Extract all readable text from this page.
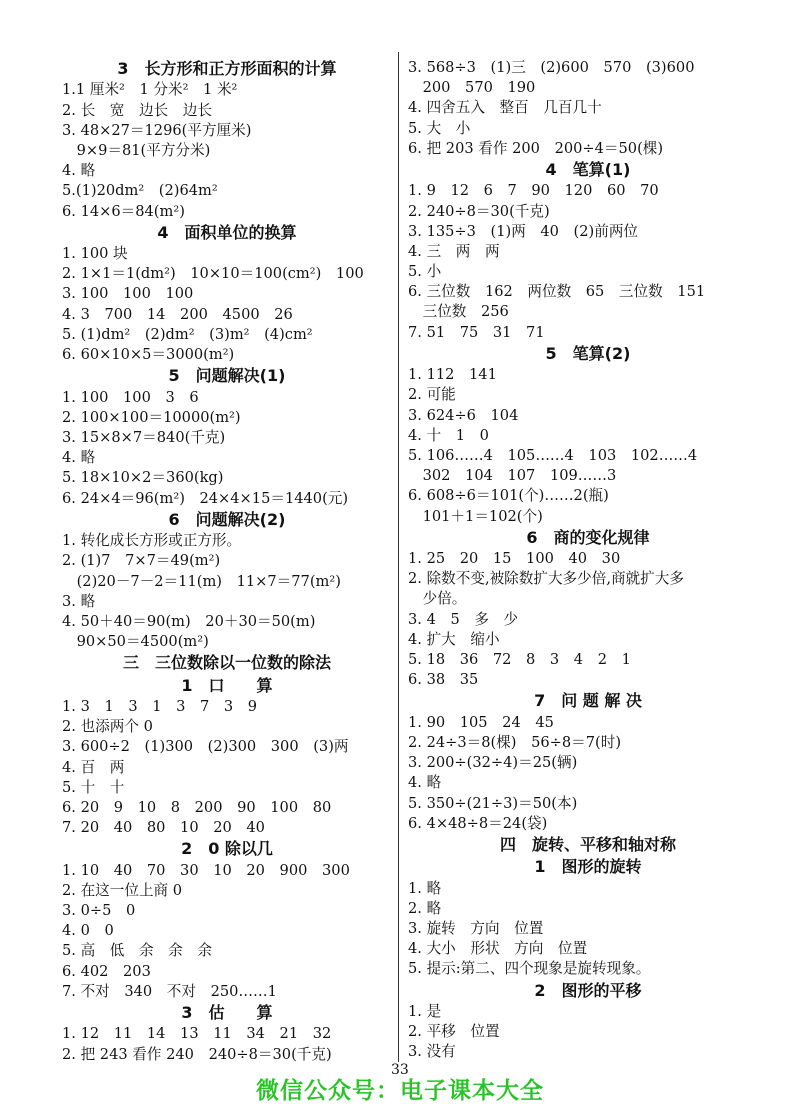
3　长方形和正方形面积的计算
1.1 厘米²　1 分米²　1 米²
2. 长　宽　边长　边长
3. 48×27＝1296(平方厘米)
　9×9＝81(平方分米)
4. 略
5.(1)20dm²　(2)64m²
6. 14×6＝84(m²)
4　面积单位的换算
1. 100 块
2. 1×1＝1(dm²)　10×10＝100(cm²)　100
3. 100　100　100
4. 3　700　14　200　4500　26
5. (1)dm²　(2)dm²　(3)m²　(4)cm²
6. 60×10×5＝3000(m²)
5　问题解决(1)
1. 100　100　3　6
2. 100×100＝10000(m²)
3. 15×8×7＝840(千克)
4. 略
5. 18×10×2＝360(kg)
6. 24×4＝96(m²)　24×4×15＝1440(元)
6　问题解决(2)
1. 转化成长方形或正方形。
2. (1)7　7×7＝49(m²)
　(2)20－7－2＝11(m)　11×7＝77(m²)
3. 略
4. 50＋40＝90(m)　20＋30＝50(m)
　90×50＝4500(m²)
三　三位数除以一位数的除法
1　口　　算
1. 3　1　3　1　3　7　3　9
2. 也添两个 0
3. 600÷2　(1)300　(2)300　300　(3)两
4. 百　两
5. 十　十
6. 20　9　10　8　200　90　100　80
7. 20　40　80　10　20　40
2　0 除以几
1. 10　40　70　30　10　20　900　300
2. 在这一位上商 0
3. 0÷5　0
4. 0　0
5. 高　低　余　余　余
6. 402　203
7. 不对　340　不对　250……1
3　估　　算
1. 12　11　14　13　11　34　21　32
2. 把 243 看作 240　240÷8＝30(千克)
3. 568÷3　(1)三　(2)600　570　(3)600
　200　570　190
4. 四舍五入　整百　几百几十
5. 大　小
6. 把 203 看作 200　200÷4＝50(棵)
4　笔算(1)
1. 9　12　6　7　90　120　60　70
2. 240÷8＝30(千克)
3. 135÷3　(1)两　40　(2)前两位
4. 三　两　两
5. 小
6. 三位数　162　两位数　65　三位数　151
　三位数　256
7. 51　75　31　71
5　笔算(2)
1. 112　141
2. 可能
3. 624÷6　104
4. 十　1　0
5. 106……4　105……4　103　102……4
　302　104　107　109……3
6. 608÷6＝101(个)……2(瓶)
　101＋1＝102(个)
6　商的变化规律
1. 25　20　15　100　40　30
2. 除数不变,被除数扩大多少倍,商就扩大多
　少倍。
3. 4　5　多　少
4. 扩大　缩小
5. 18　36　72　8　3　4　2　1
6. 38　35
7　问 题 解 决
1. 90　105　24　45
2. 24÷3＝8(棵)　56÷8＝7(时)
3. 200÷(32÷4)＝25(辆)
4. 略
5. 350÷(21÷3)＝50(本)
6. 4×48÷8＝24(袋)
四　旋转、平移和轴对称
1　图形的旋转
1. 略
2. 略
3. 旋转　方向　位置
4. 大小　形状　方向　位置
5. 提示:第二、四个现象是旋转现象。
2　图形的平移
1. 是
2. 平移　位置
3. 没有
33
微信公众号：电子课本大全
